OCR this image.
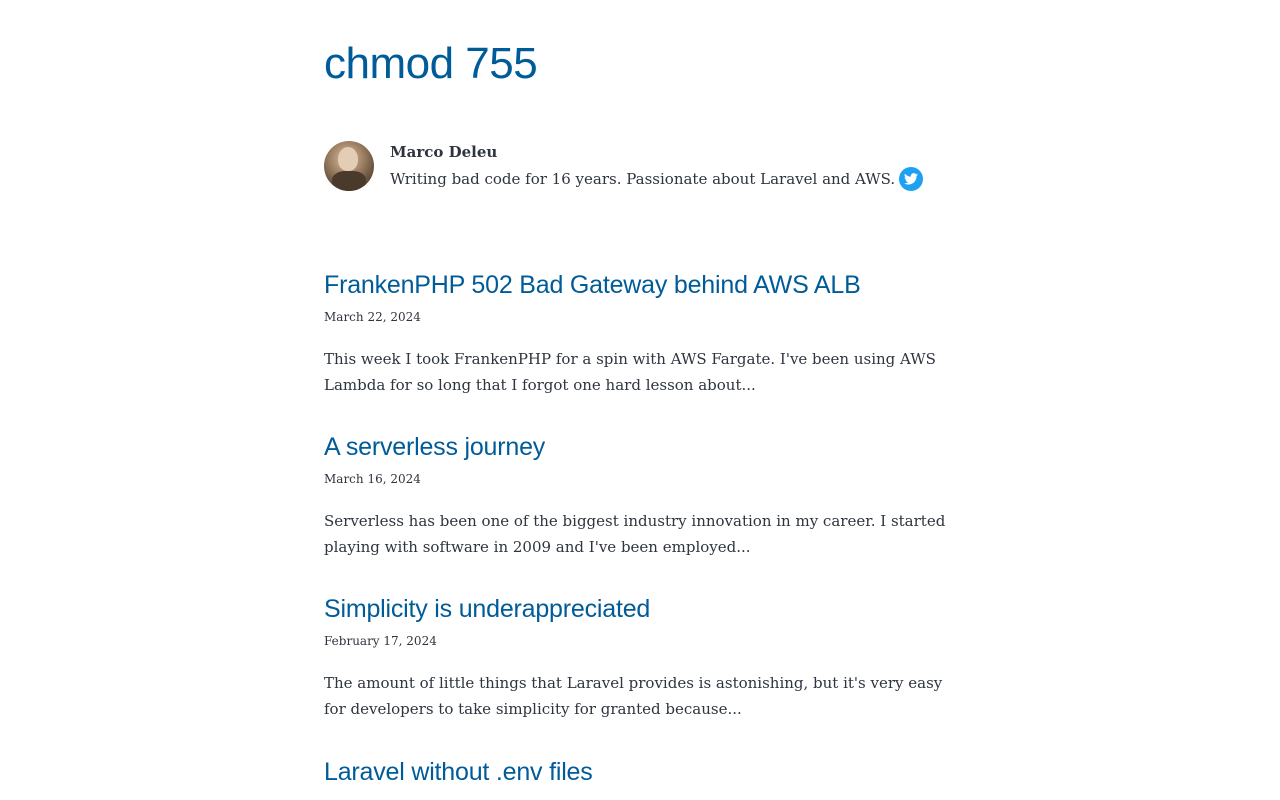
chmod 755
Marco Deleu
Writing bad code for 16 years. Passionate about Laravel and AWS.
FrankenPHP 502 Bad Gateway behind AWS ALB
March 22, 2024
This week I took FrankenPHP for a spin with AWS Fargate. I've been using AWS Lambda for so long that I forgot one hard lesson about...
A serverless journey
March 16, 2024
Serverless has been one of the biggest industry innovation in my career. I started playing with software in 2009 and I've been employed...
Simplicity is underappreciated
February 17, 2024
The amount of little things that Laravel provides is astonishing, but it's very easy for developers to take simplicity for granted because...
Laravel without .env files
